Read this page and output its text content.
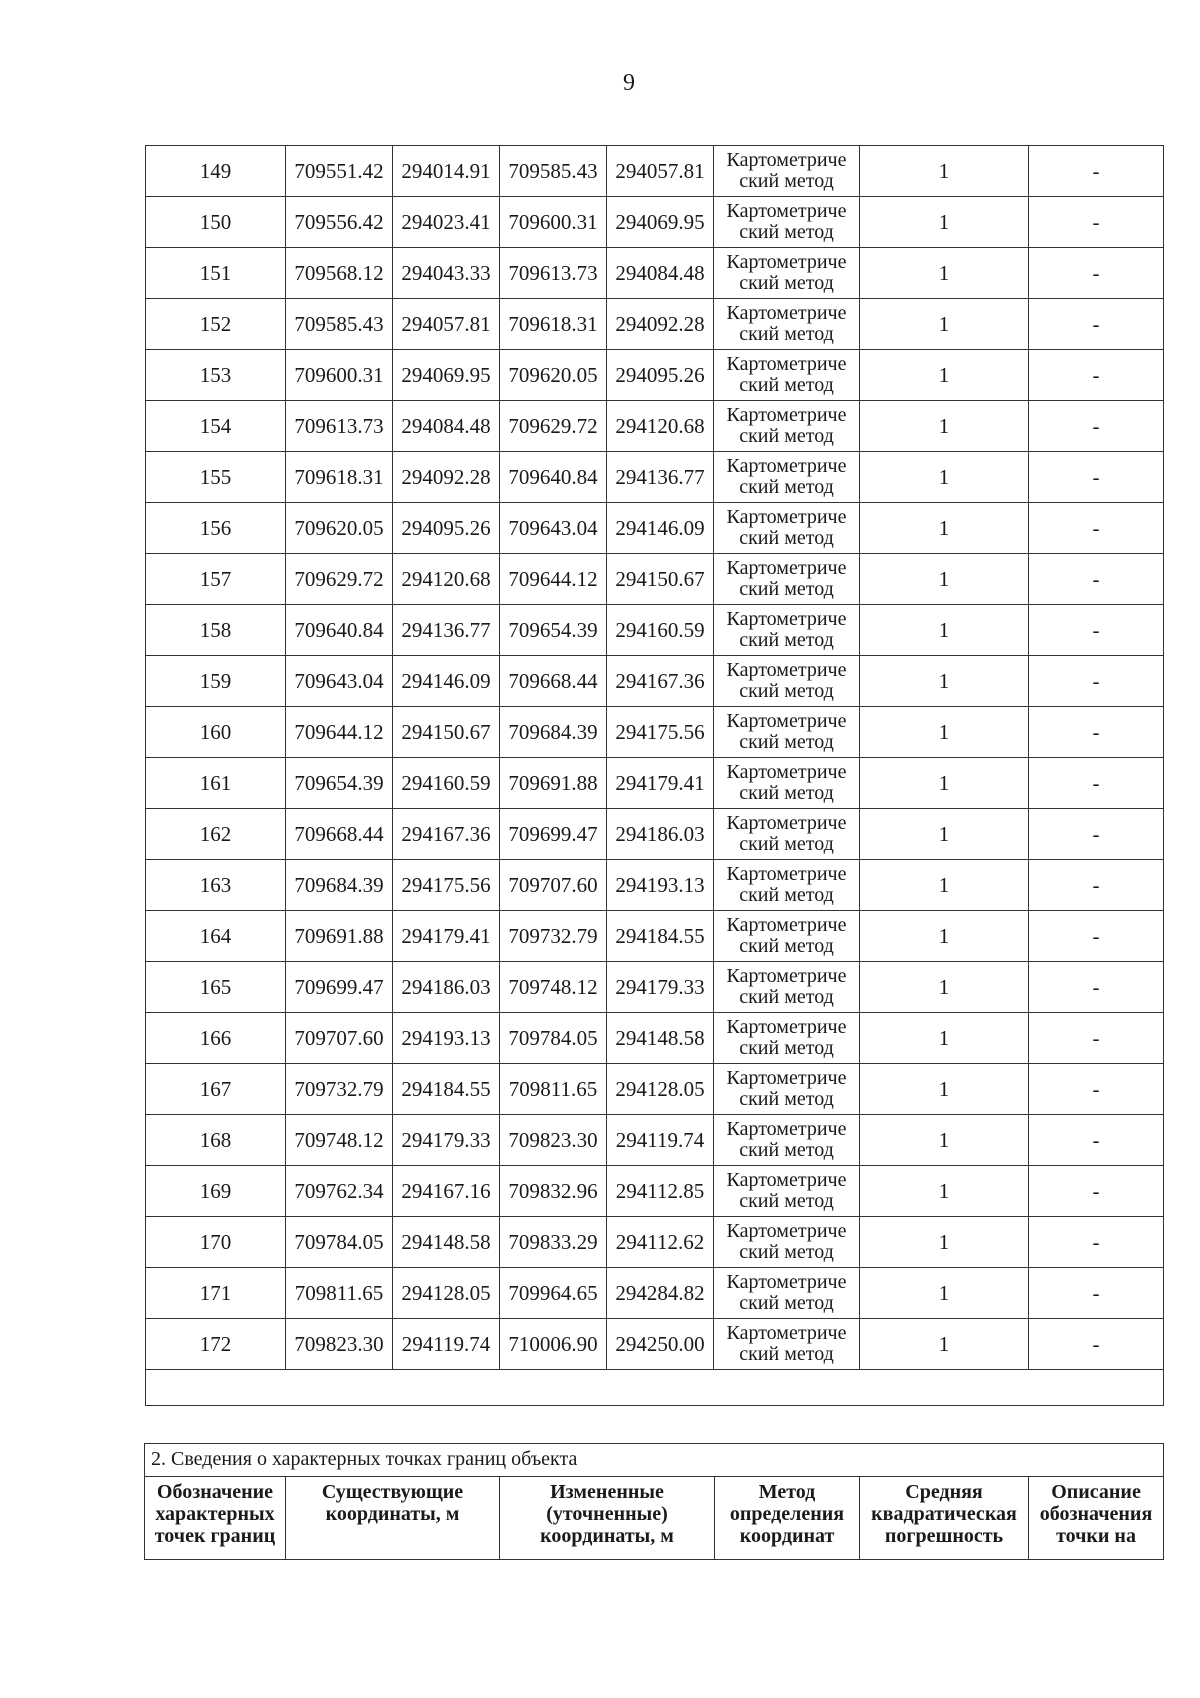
9
149	709551.42	294014.91	709585.43	294057.81	Картометриче
ский метод	1	-
150	709556.42	294023.41	709600.31	294069.95	Картометриче
ский метод	1	-
151	709568.12	294043.33	709613.73	294084.48	Картометриче
ский метод	1	-
152	709585.43	294057.81	709618.31	294092.28	Картометриче
ский метод	1	-
153	709600.31	294069.95	709620.05	294095.26	Картометриче
ский метод	1	-
154	709613.73	294084.48	709629.72	294120.68	Картометриче
ский метод	1	-
155	709618.31	294092.28	709640.84	294136.77	Картометриче
ский метод	1	-
156	709620.05	294095.26	709643.04	294146.09	Картометриче
ский метод	1	-
157	709629.72	294120.68	709644.12	294150.67	Картометриче
ский метод	1	-
158	709640.84	294136.77	709654.39	294160.59	Картометриче
ский метод	1	-
159	709643.04	294146.09	709668.44	294167.36	Картометриче
ский метод	1	-
160	709644.12	294150.67	709684.39	294175.56	Картометриче
ский метод	1	-
161	709654.39	294160.59	709691.88	294179.41	Картометриче
ский метод	1	-
162	709668.44	294167.36	709699.47	294186.03	Картометриче
ский метод	1	-
163	709684.39	294175.56	709707.60	294193.13	Картометриче
ский метод	1	-
164	709691.88	294179.41	709732.79	294184.55	Картометриче
ский метод	1	-
165	709699.47	294186.03	709748.12	294179.33	Картометриче
ский метод	1	-
166	709707.60	294193.13	709784.05	294148.58	Картометриче
ский метод	1	-
167	709732.79	294184.55	709811.65	294128.05	Картометриче
ский метод	1	-
168	709748.12	294179.33	709823.30	294119.74	Картометриче
ский метод	1	-
169	709762.34	294167.16	709832.96	294112.85	Картометриче
ский метод	1	-
170	709784.05	294148.58	709833.29	294112.62	Картометриче
ский метод	1	-
171	709811.65	294128.05	709964.65	294284.82	Картометриче
ский метод	1	-
172	709823.30	294119.74	710006.90	294250.00	Картометриче
ский метод	1	-

2. Сведения о характерных точках границ объекта
Обозначение
характерных
точек границ	Существующие
координаты, м	Измененные
(уточненные)
координаты, м	Метод
определения
координат	Средняя
квадратическая
погрешность	Описание
обозначения
точки на
